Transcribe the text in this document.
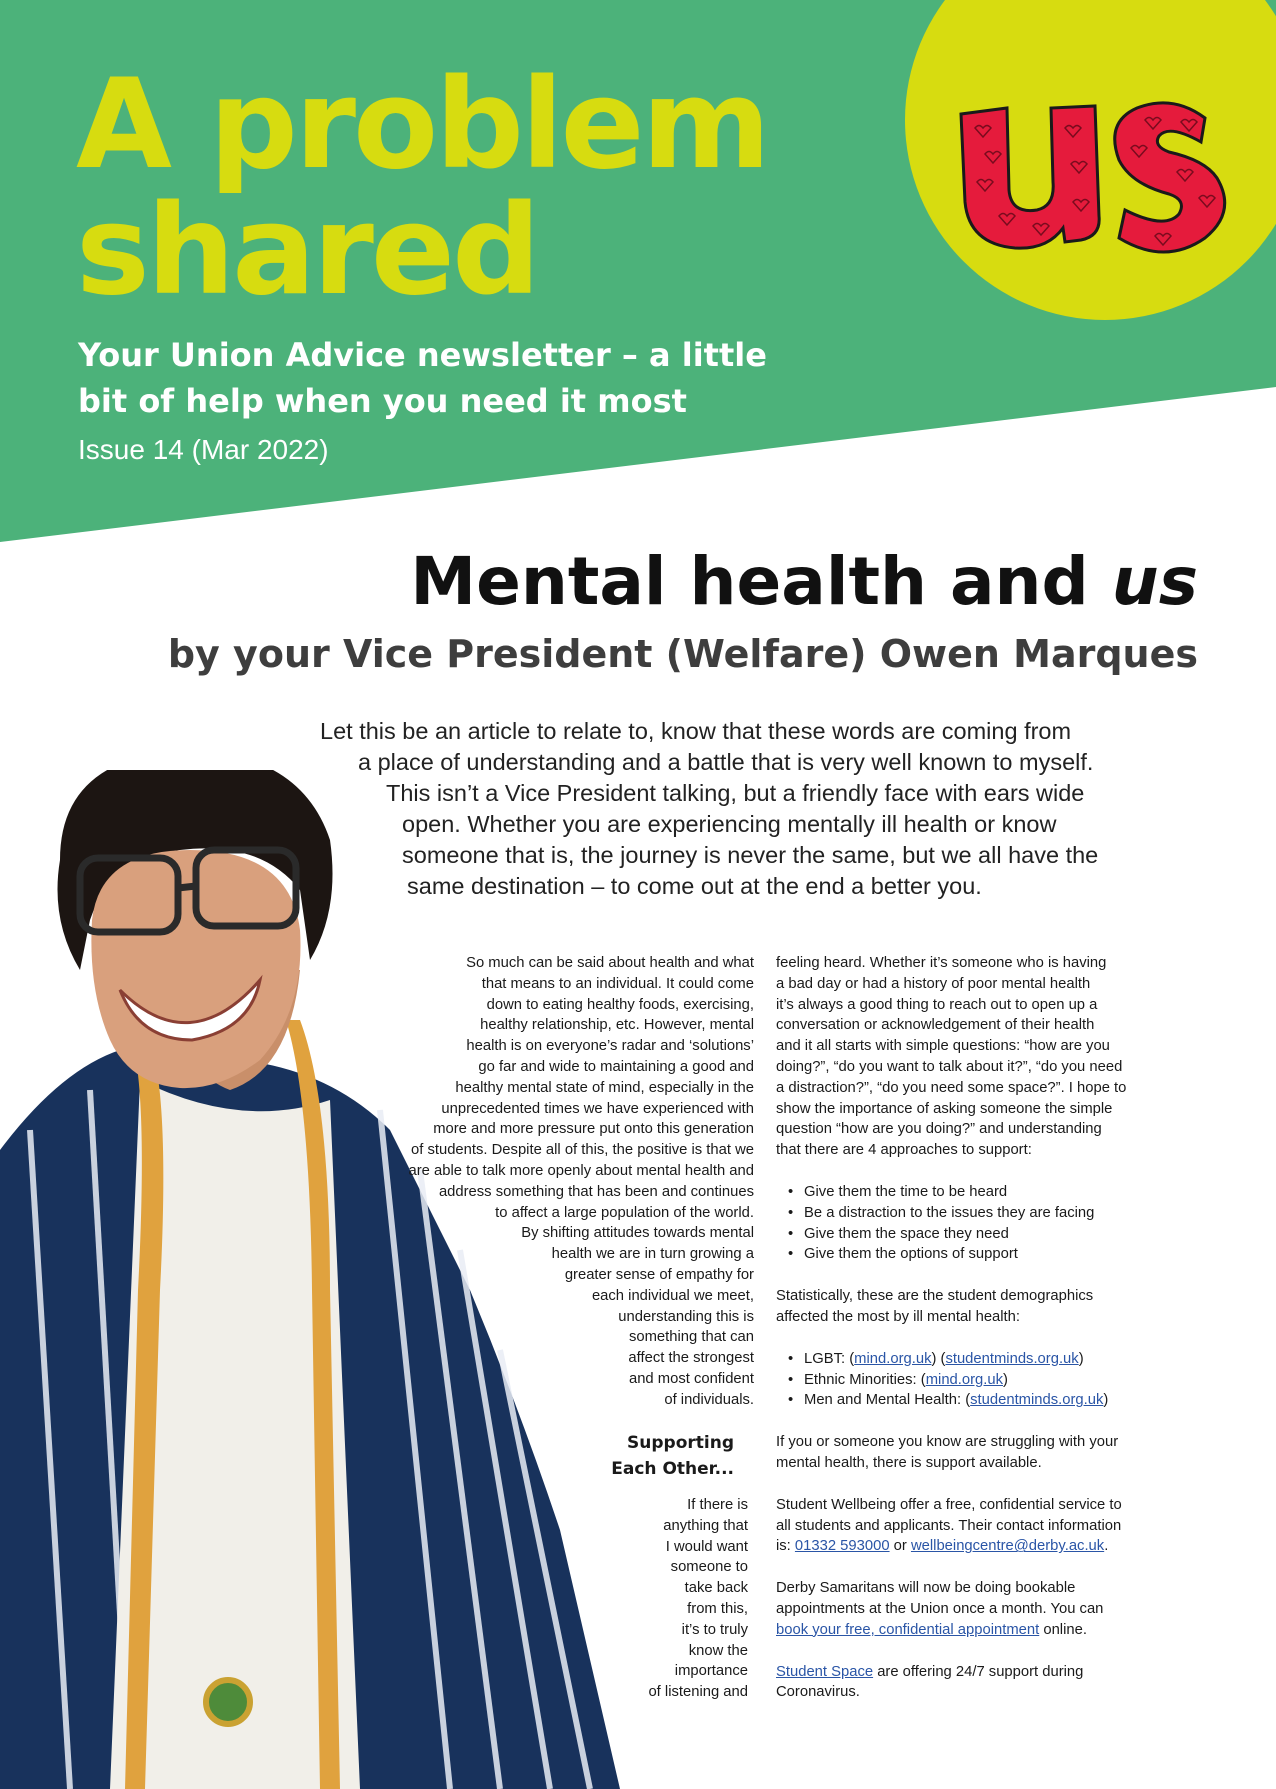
A problem
shared

Your Union Advice newsletter – a little
bit of help when you need it most

Issue 14 (Mar 2022)
Mental health and us

by your Vice President (Welfare) Owen Marques

Let this be an article to relate to, know that these words are coming from
a place of understanding and a battle that is very well known to myself.
This isn’t a Vice President talking, but a friendly face with ears wide
open. Whether you are experiencing mentally ill health or know
someone that is, the journey is never the same, but we all have the
same destination – to come out at the end a better you.

So much can be said about health and what
that means to an individual. It could come
down to eating healthy foods, exercising,
healthy relationship, etc. However, mental
health is on everyone’s radar and ‘solutions’
go far and wide to maintaining a good and
healthy mental state of mind, especially in the
unprecedented times we have experienced with
more and more pressure put onto this generation
of students. Despite all of this, the positive is that we
are able to talk more openly about mental health and
address something that has been and continues
to affect a large population of the world.
By shifting attitudes towards mental
health we are in turn growing a
greater sense of empathy for
each individual we meet,
understanding this is
something that can
affect the strongest
and most confident
of individuals.

Supporting
Each Other...

If there is
anything that
I would want
someone to
take back
from this,
it’s to truly
know the
importance
of listening and

feeling heard. Whether it’s someone who is having
a bad day or had a history of poor mental health
it’s always a good thing to reach out to open up a
conversation or acknowledgement of their health
and it all starts with simple questions: “how are you
doing?”, “do you want to talk about it?”, “do you need
a distraction?”, “do you need some space?”. I hope to
show the importance of asking someone the simple
question “how are you doing?” and understanding
that there are 4 approaches to support:

• Give them the time to be heard
• Be a distraction to the issues they are facing
• Give them the space they need
• Give them the options of support

Statistically, these are the student demographics
affected the most by ill mental health:

• LGBT: (mind.org.uk) (studentminds.org.uk)
• Ethnic Minorities: (mind.org.uk)
• Men and Mental Health: (studentminds.org.uk)

If you or someone you know are struggling with your
mental health, there is support available.

Student Wellbeing offer a free, confidential service to
all students and applicants. Their contact information
is: 01332 593000 or wellbeingcentre@derby.ac.uk.

Derby Samaritans will now be doing bookable
appointments at the Union once a month. You can
book your free, confidential appointment online.

Student Space are offering 24/7 support during
Coronavirus.
